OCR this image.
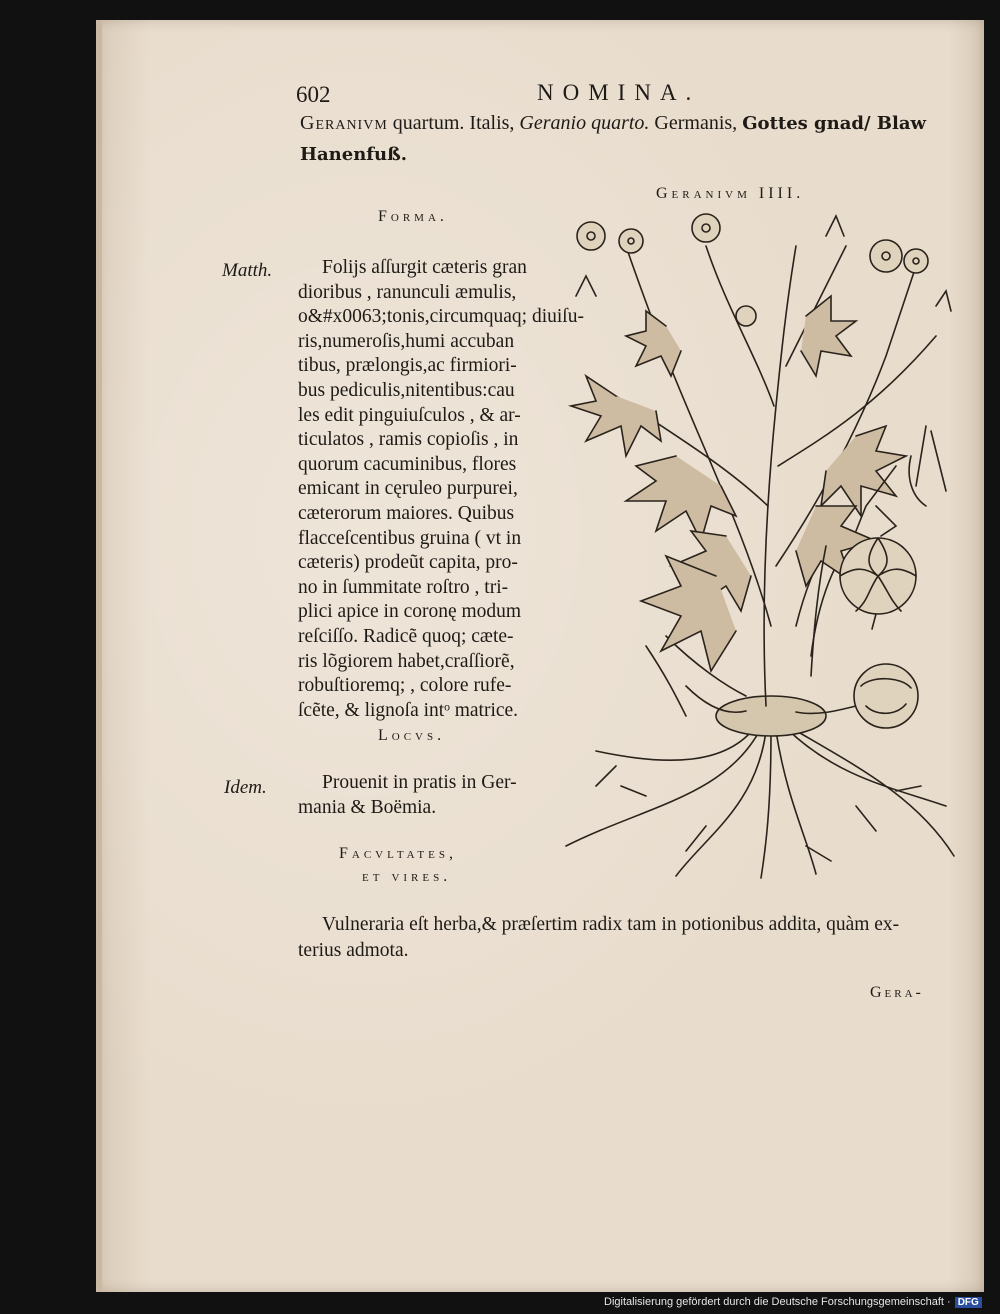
602	NOMINA.
Geranivm quartum. Italis, Geranio quarto. Germanis, Gottes gnad/ Blaw
Hanenfuß.
Geranivm IIII.
Forma.
Matth.	Folijs aſſurgit cæteris gran
dioribus , ranunculi æmulis,
o&#x0063;tonis,circumquaq; diuiſu-
ris,numeroſis,humi accuban
tibus, prælongis,ac firmiori-
bus pediculis,nitentibus:cau
les edit pinguiuſculos , & ar-
ticulatos , ramis copioſis , in
quorum cacuminibus, flores
emicant in cęruleo purpurei,
cæterorum maiores. Quibus
flacceſcentibus gruina ( vt in
cæteris) prodeũt capita, pro-
no in ſummitate roſtro , tri-
plici apice in coronę modum
reſciſſo. Radicẽ quoq; cæte-
ris lõgiorem habet,craſſiorẽ,
robuſtioremq; , colore rufe-
ſcẽte, & lignoſa intᵒ matrice.
Locvs.
Idem.	Prouenit in pratis in Ger-
mania & Boëmia.
Facvltates,
et vires.
Vulneraria eſt herba,& præſertim radix tam in potionibus addita, quàm ex-
terius admota.
Gera-
Digitalisierung gefördert durch die Deutsche Forschungsgemeinschaft · DFG
